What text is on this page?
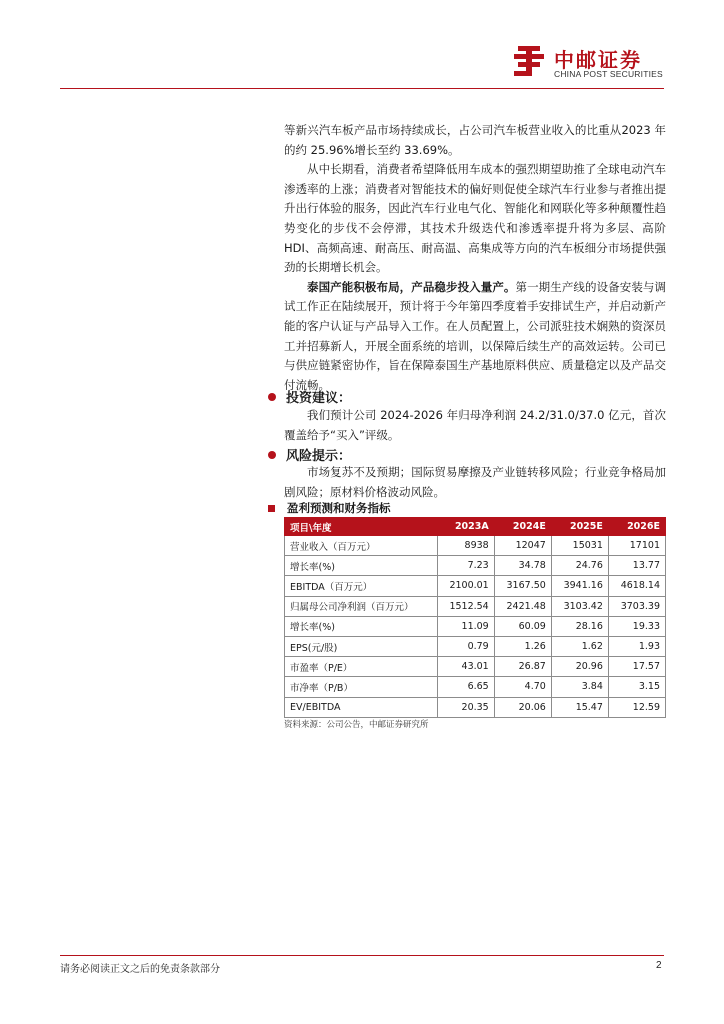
中邮证券
CHINA POST SECURITIES

等新兴汽车板产品市场持续成长，占公司汽车板营业收入的比重从2023 年的约 25.96%增长至约 33.69%。

从中长期看，消费者希望降低用车成本的强烈期望助推了全球电动汽车渗透率的上涨；消费者对智能技术的偏好则促使全球汽车行业参与者推出提升出行体验的服务，因此汽车行业电气化、智能化和网联化等多种颠覆性趋势变化的步伐不会停滞，其技术升级迭代和渗透率提升将为多层、高阶 HDI、高频高速、耐高压、耐高温、高集成等方向的汽车板细分市场提供强劲的长期增长机会。

泰国产能积极布局，产品稳步投入量产。第一期生产线的设备安装与调试工作正在陆续展开，预计将于今年第四季度着手安排试生产，并启动新产能的客户认证与产品导入工作。在人员配置上，公司派驻技术娴熟的资深员工并招募新人，开展全面系统的培训，以保障后续生产的高效运转。公司已与供应链紧密协作，旨在保障泰国生产基地原料供应、质量稳定以及产品交付流畅。

投资建议：

我们预计公司 2024-2026 年归母净利润 24.2/31.0/37.0 亿元，首次覆盖给予“买入”评级。

风险提示：

市场复苏不及预期；国际贸易摩擦及产业链转移风险；行业竞争格局加剧风险；原材料价格波动风险。

盈利预测和财务指标
项目\年度	2023A	2024E	2025E	2026E
营业收入（百万元）	8938	12047	15031	17101
增长率(%)	7.23	34.78	24.76	13.77
EBITDA（百万元）	2100.01	3167.50	3941.16	4618.14
归属母公司净利润（百万元）	1512.54	2421.48	3103.42	3703.39
增长率(%)	11.09	60.09	28.16	19.33
EPS(元/股)	0.79	1.26	1.62	1.93
市盈率（P/E）	43.01	26.87	20.96	17.57
市净率（P/B）	6.65	4.70	3.84	3.15
EV/EBITDA	20.35	20.06	15.47	12.59
资料来源：公司公告，中邮证券研究所
请务必阅读正文之后的免责条款部分	2
